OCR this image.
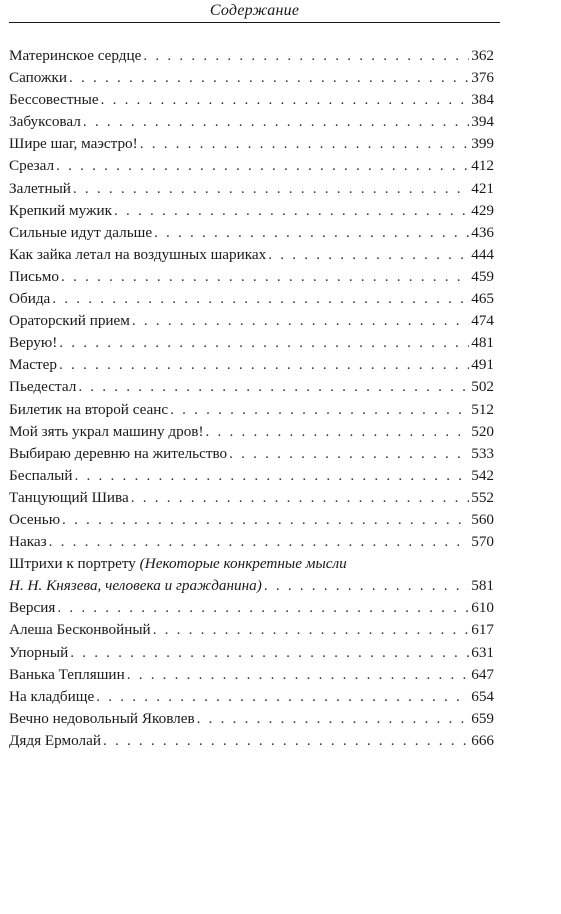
Содержание
Материнское сердце . . .	362
Сапожки . . .	376
Бессовестные . . .	384
Забуксовал . . .	394
Шире шаг, маэстро! . . .	399
Срезал . . .	412
Залетный . . .	421
Крепкий мужик . . .	429
Сильные идут дальше . . .	436
Как зайка летал на воздушных шариках . . .	444
Письмо . . .	459
Обида . . .	465
Ораторский прием . . .	474
Верую! . . .	481
Мастер . . .	491
Пьедестал . . .	502
Билетик на второй сеанс . . .	512
Мой зять украл машину дров! . . .	520
Выбираю деревню на жительство . . .	533
Беспалый . . .	542
Танцующий Шива . . .	552
Осенью . . .	560
Наказ . . .	570
Штрихи к портрету (Некоторые конкретные мысли
Н. Н. Князева, человека и гражданина) . . .	581
Версия . . .	610
Алеша Бесконвойный . . .	617
Упорный . . .	631
Ванька Тепляшин . . .	647
На кладбище . . .	654
Вечно недовольный Яковлев . . .	659
Дядя Ермолай . . .	666
